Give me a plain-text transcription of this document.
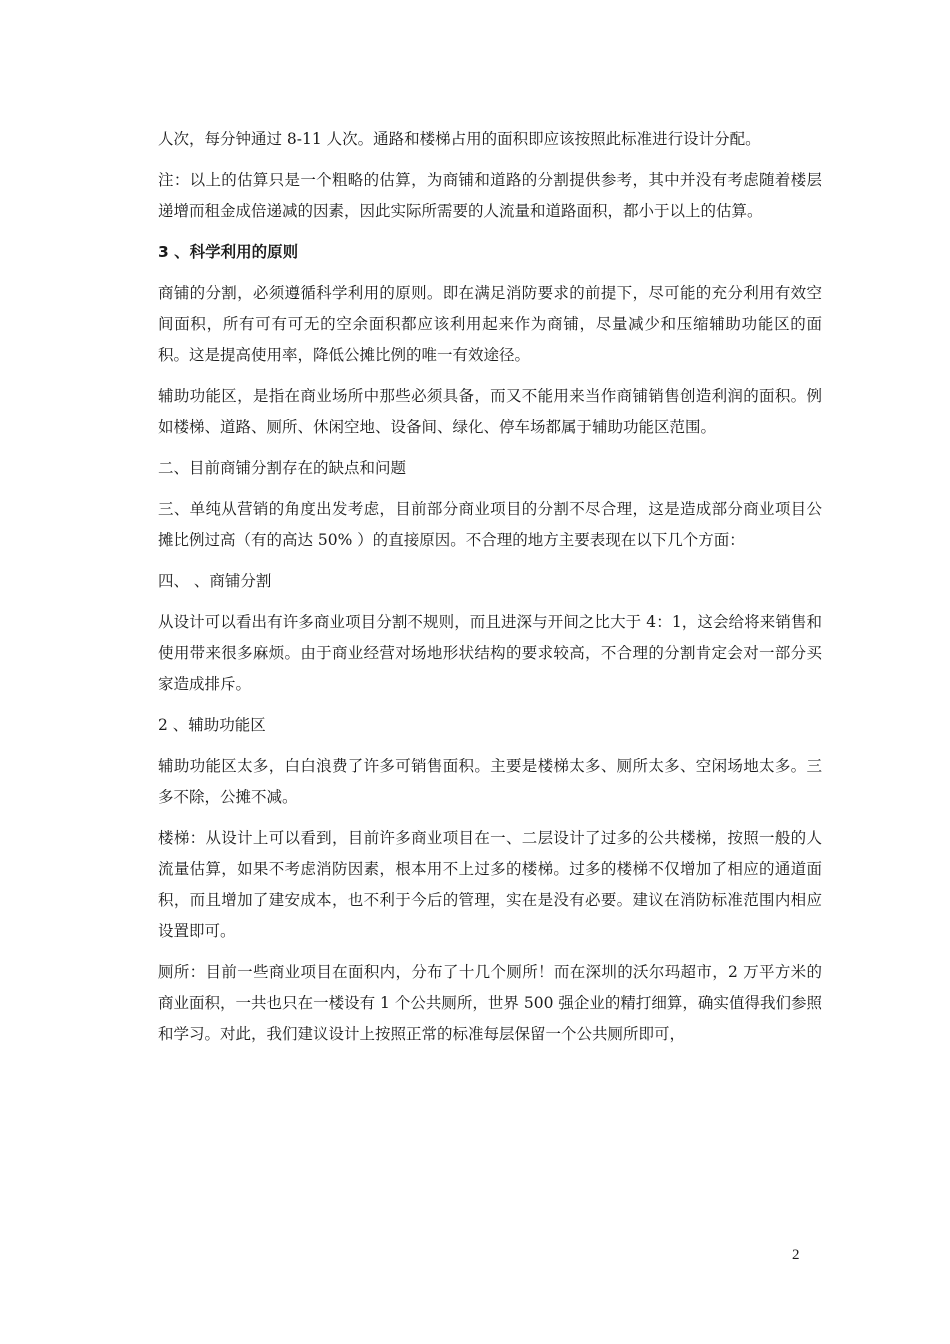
人次，每分钟通过 8-11 人次。通路和楼梯占用的面积即应该按照此标准进行设计分配。

注：以上的估算只是一个粗略的估算，为商铺和道路的分割提供参考，其中并没有考虑随着楼层递增而租金成倍递减的因素，因此实际所需要的人流量和道路面积，都小于以上的估算。

3 、科学利用的原则

商铺的分割，必须遵循科学利用的原则。即在满足消防要求的前提下，尽可能的充分利用有效空间面积，所有可有可无的空余面积都应该利用起来作为商铺，尽量减少和压缩辅助功能区的面积。这是提高使用率，降低公摊比例的唯一有效途径。

辅助功能区，是指在商业场所中那些必须具备，而又不能用来当作商铺销售创造利润的面积。例如楼梯、道路、厕所、休闲空地、设备间、绿化、停车场都属于辅助功能区范围。

二、目前商铺分割存在的缺点和问题

三、单纯从营销的角度出发考虑，目前部分商业项目的分割不尽合理，这是造成部分商业项目公摊比例过高（有的高达 50% ）的直接原因。不合理的地方主要表现在以下几个方面：

四、 、商铺分割

从设计可以看出有许多商业项目分割不规则，而且进深与开间之比大于 4：1，这会给将来销售和使用带来很多麻烦。由于商业经营对场地形状结构的要求较高，不合理的分割肯定会对一部分买家造成排斥。

2 、辅助功能区

辅助功能区太多，白白浪费了许多可销售面积。主要是楼梯太多、厕所太多、空闲场地太多。三多不除，公摊不减。

楼梯：从设计上可以看到，目前许多商业项目在一、二层设计了过多的公共楼梯，按照一般的人流量估算，如果不考虑消防因素，根本用不上过多的楼梯。过多的楼梯不仅增加了相应的通道面积，而且增加了建安成本，也不利于今后的管理，实在是没有必要。建议在消防标准范围内相应设置即可。

厕所：目前一些商业项目在面积内，分布了十几个厕所！而在深圳的沃尔玛超市，2 万平方米的商业面积，一共也只在一楼设有 1 个公共厕所，世界 500 强企业的精打细算，确实值得我们参照和学习。对此，我们建议设计上按照正常的标准每层保留一个公共厕所即可，

2
